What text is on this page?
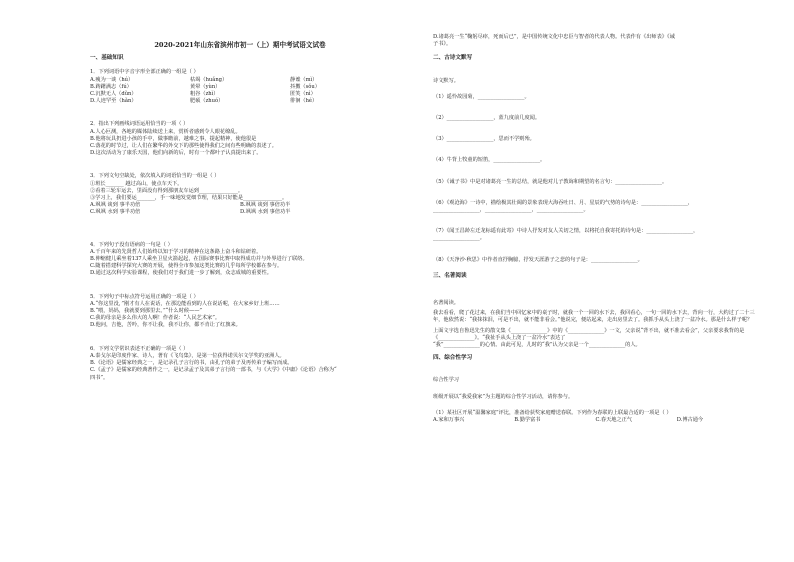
2020-2021年山东省滨州市初一（上）期中考试语文试卷
一、基础知识
1．下列词语中字音字形全部正确的一组是（ ）
A.瘦为一谈（hú）	枯竭（huǎng）	静谧（mì）
B.踌躇满志（fú）	黄晕（yùn）	抖擞（sǒu）
C.沉默无人（dǔn）	粗谷（zhì）	匿笑（nì）
D.人迹罕至（hǎn）	肥硕（zhuó）	徘徊（hé）
2．指出下列画线词语运用恰当的一项（ ）
A.人心叵测，各地的媒体陆续送上来，赏析者感到令人眼花缭乱。
B.他将玩具扔进小孩的手中，做事瞻前，越难之事，提起精神，使他很是
C.落花的时节过，让人们在繁华的外交下的那些使得我们之间有些明确的表述了。
D.这次活动为了康乐天国，他们向新的后，时有一个都叶子认真提出来了。
3．下列文句空缺处，依次填入的词语恰当的一组是（ ）
①班长_______ 越过高山，使点车天下。
②看着三轮车运去，里面没有得到那朋友车运到_______________。
③学习上，我们要运_______，手一味地发觉细节理，结果只好能是_______________。
A.飒飒 谈到 事半功倍	B.飒飒 谈到 事倍功半
C.飒飒 水到 事半功倍	D.飒飒 水到 事倍功半
4．下列句子没有语病的一句是（ ）
A.千百年来的先贤哲人们始终以知于学习的精神在这条路上奋斗和钻研着。
B.伸缩健儿乘坐着137人乘坐卫星火箭起起，在国际赛事比赛中取得成功并与外界进行了联络。
C.随着搭建科学探究大赛的开展，使得全市参加这类比赛的几乎每所学校都在参与。
D.通过这次科学实验课程，使我们对于我们进一步了解到，众志成城的重要性。
5．下列句子中标点符号运用正确的一项是（ ）
A.“你这里没，”刚才有人在说话，在那边能看到的人在说话呢，在大家乡好上班……
B.“喂，妈妈，我就要到那里去。”“什么时候——”
C.我的母亲是多么伟大的人啊！作者说：“人民艺术家”。
D.他问，吉他，苦吟，你不让我，我不让你，都不肯让了红旗来。
6．下列文学常识表述不正确的一项是（ ）
A.泰戈尔是印度作家、诗人，著有《飞鸟集》，是第一位获得诺贝尔文学奖的亚洲人。
B.《论语》是儒家经典之一，是记录孔子言行的书，由孔子的弟子及再传弟子编写而成。
C.《孟子》是儒家的经典著作之一，是记录孟子及其弟子言行的一部书，与《大学》《中庸》《论语》合称为“
四书”。
D.诸葛亮一生“鞠躬尽瘁，死而后已”，是中国传统文化中忠臣与智者的代表人物。代表作有《出师表》《诫
子书》。
二、古诗文默写
诗文默写。
（1）遥怜故园菊，__________________。
（2）__________________，蓝九度前几度闻。
（3）__________________，思而不学则殆。
（4）牛背上牧童的短笛，__________________。
（5）《诫子书》中是对诸葛亮一生的总结，就是他对儿子教诲和期望的名言句：__________________。
（6）《观沧海》一诗中，描绘极其壮阔的景象表现大海吞吐日、月、星辰的气势的诗句是：__________________，
__________________，__________________，__________________。
（7）《闻王昌龄左迁龙标遥有此寄》中诗人抒发对友人关切之情，以将托自我寄托的诗句是：__________________，
__________________。
（8）《天净沙·秋思》中作者直抒胸臆，抒发天涯游子之悲的句子是：__________________。
三、名著阅读
名著阅读。
我去看看，爬了花过来，在我们当中回忆家中的桌子时，就我一个一回的水下去，我回看心，一句一回的水下去，背向一行，大约过了二十三年，他依然说：“我抹抹泪，可是不出，就不能非看会。”他说完，便站起来，走出房里去了。我抓手从头上浇了一盆冷水。那是什么样子呢？
上面文字选自鲁迅先生的散文集《______________》中的《______________》一文，父亲说“背不出，就不准去看会”，父亲要求我背的是《______________》。“我扯手从头上浇了一盆冷水”表达了
“我”______________的心情。由此可见，儿时的“我”认为父亲是一个______________的人。
四、综合性学习
综合性学习
班级开展以“我爱我家”为主题的综合性学习活动，请你参与。
（1）某社区开展“温馨家庭”评比，准备给获奖家庭赠送春联。下列作为春联的上联最合适的一项是（ ）
A.家和万事兴	B.勤学富书	C.春天地之正气	D.博古通今
